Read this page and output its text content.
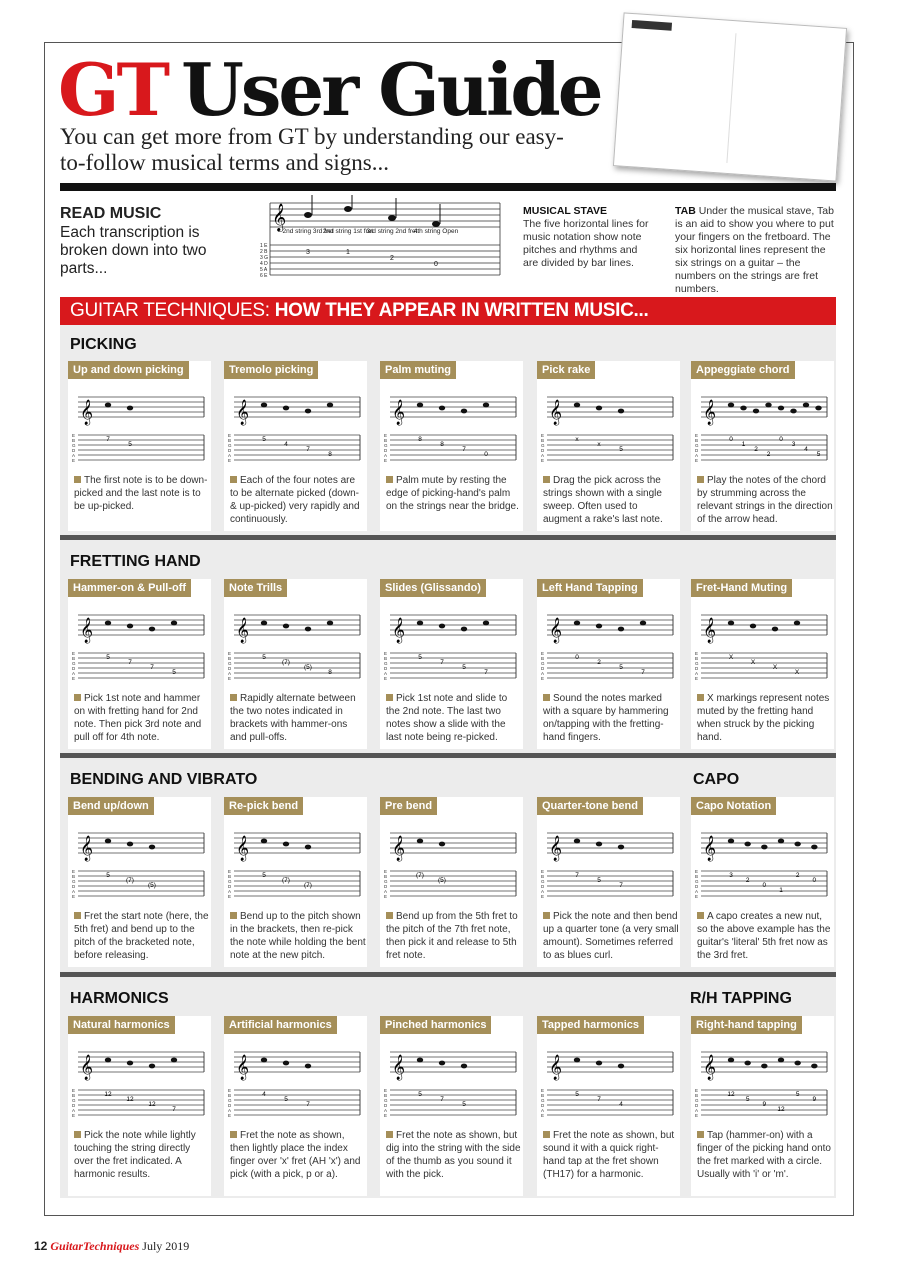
GT User Guide
You can get more from GT by understanding our easy-to-follow musical terms and signs...
READ MUSIC
Each transcription is broken down into two parts...
𝄞
2nd string 3rd fret
2nd string 1st fret
3rd string 2nd fret
4th string Open
3	1
2
0
1 E
2 B
3 G
4 D
5 A
6 E
MUSICAL STAVE
The five horizontal lines for music notation show note pitches and rhythms and are divided by bar lines.
TAB Under the musical stave, Tab is an aid to show you where to put your fingers on the fretboard. The six horizontal lines represent the six strings on a guitar – the numbers on the strings are fret numbers.
GUITAR TECHNIQUES: HOW THEY APPEAR IN WRITTEN MUSIC...
PICKING
FRETTING HAND
BENDING AND VIBRATO	CAPO
HARMONICS	R/H TAPPING
Up and down picking
𝄞
E
B
G
D
A
E
7
5
The first note is to be down-picked and the last note is to be up-picked.
Tremolo picking
𝄞
E
B
G
D
A
E
5
4
7
8
Each of the four notes are to be alternate picked (down- & up-picked) very rapidly and continuously.
Palm muting
𝄞
E
B
G
D
A
E
8
8
7
0
Palm mute by resting the edge of picking-hand's palm on the strings near the bridge.
Pick rake
𝄞
E
B
G
D
A
E
x
x
5
Drag the pick across the strings shown with a single sweep. Often used to augment a rake's last note.
Appeggiate chord
𝄞
E
B
G
D
A
E
0
1
2
2
0
3
4
5
Play the notes of the chord by strumming across the relevant strings in the direction of the arrow head.
Hammer-on & Pull-off
𝄞
E
B
G
D
A
E
5
7
7
5
Pick 1st note and hammer on with fretting hand for 2nd note. Then pick 3rd note and pull off for 4th note.
Note Trills
𝄞
E
B
G
D
A
E
5
(7)
(5)
8
Rapidly alternate between the two notes indicated in brackets with hammer-ons and pull-offs.
Slides (Glissando)
𝄞
E
B
G
D
A
E
5
7
5
7
Pick 1st note and slide to the 2nd note. The last two notes show a slide with the last note being re-picked.
Left Hand Tapping
𝄞
E
B
G
D
A
E
0
2
5
7
Sound the notes marked with a square by hammering on/tapping with the fretting-hand fingers.
Fret-Hand Muting
𝄞
E
B
G
D
A
E
X
X
X
X
X markings represent notes muted by the fretting hand when struck by the picking hand.
Bend up/down
𝄞
E
B
G
D
A
E
5
(7)
(5)
Fret the start note (here, the 5th fret) and bend up to the pitch of the bracketed note, before releasing.
Re-pick bend
𝄞
E
B
G
D
A
E
5
(7)
(7)
Bend up to the pitch shown in the brackets, then re-pick the note while holding the bent note at the new pitch.
Pre bend
𝄞
E
B
G
D
A
E
(7)
(5)
Bend up from the 5th fret to the pitch of the 7th fret note, then pick it and release to 5th fret note.
Quarter-tone bend
𝄞
E
B
G
D
A
E
7
5
7
Pick the note and then bend up a quarter tone (a very small amount). Sometimes referred to as blues curl.
Capo Notation
𝄞
E
B
G
D
A
E
3
2
0
1
2
0
A capo creates a new nut, so the above example has the guitar's 'literal' 5th fret now as the 3rd fret.
Natural harmonics
𝄞
E
B
G
D
A
E
12
12
12
7
Pick the note while lightly touching the string directly over the fret indicated. A harmonic results.
Artificial harmonics
𝄞
E
B
G
D
A
E
4
5
7
Fret the note as shown, then lightly place the index finger over 'x' fret (AH 'x') and pick (with a pick, p or a).
Pinched harmonics
𝄞
E
B
G
D
A
E
5
7
5
Fret the note as shown, but dig into the string with the side of the thumb as you sound it with the pick.
Tapped harmonics
𝄞
E
B
G
D
A
E
5
7
4
Fret the note as shown, but sound it with a quick right-hand tap at the fret shown (TH17) for a harmonic.
Right-hand tapping
𝄞
E
B
G
D
A
E
12
5
9
12
5
9
Tap (hammer-on) with a finger of the picking hand onto the fret marked with a circle. Usually with 'i' or 'm'.
12 GuitarTechniques July 2019
